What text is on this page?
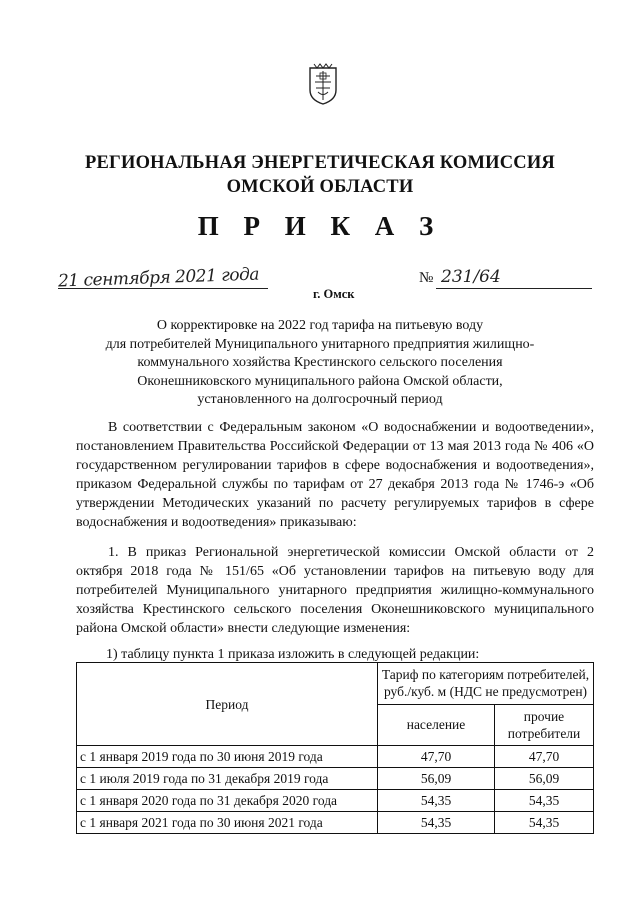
РЕГИОНАЛЬНАЯ ЭНЕРГЕТИЧЕСКАЯ КОМИССИЯ
ОМСКОЙ ОБЛАСТИ
П Р И К А З
21 сентября 2021 года	№ 231/64
г. Омск
О корректировке на 2022 год тарифа на питьевую воду
для потребителей Муниципального унитарного предприятия жилищно-
коммунального хозяйства Крестинского сельского поселения
Оконешниковского муниципального района Омской области,
установленного на долгосрочный период
В соответствии с Федеральным законом «О водоснабжении и водоотведении», постановлением Правительства Российской Федерации от 13 мая 2013 года № 406 «О государственном регулировании тарифов в сфере водоснабжения и водоотведения», приказом Федеральной службы по тарифам от 27 декабря 2013 года № 1746-э «Об утверждении Методических указаний по расчету регулируемых тарифов в сфере водоснабжения и водоотведения» приказываю:
1. В приказ Региональной энергетической комиссии Омской области от 2 октября 2018 года № 151/65 «Об установлении тарифов на питьевую воду для потребителей Муниципального унитарного предприятия жилищно-коммунального хозяйства Крестинского сельского поселения Оконешниковского муниципального района Омской области» внести следующие изменения:
1) таблицу пункта 1 приказа изложить в следующей редакции:
Период	Тариф по категориям потребителей, руб./куб. м (НДС не предусмотрен)	
	население	прочие потребители
с 1 января 2019 года по 30 июня 2019 года	47,70	47,70
с 1 июля 2019 года по 31 декабря 2019 года	56,09	56,09
с 1 января 2020 года по 31 декабря 2020 года	54,35	54,35
с 1 января 2021 года по 30 июня 2021 года	54,35	54,35
